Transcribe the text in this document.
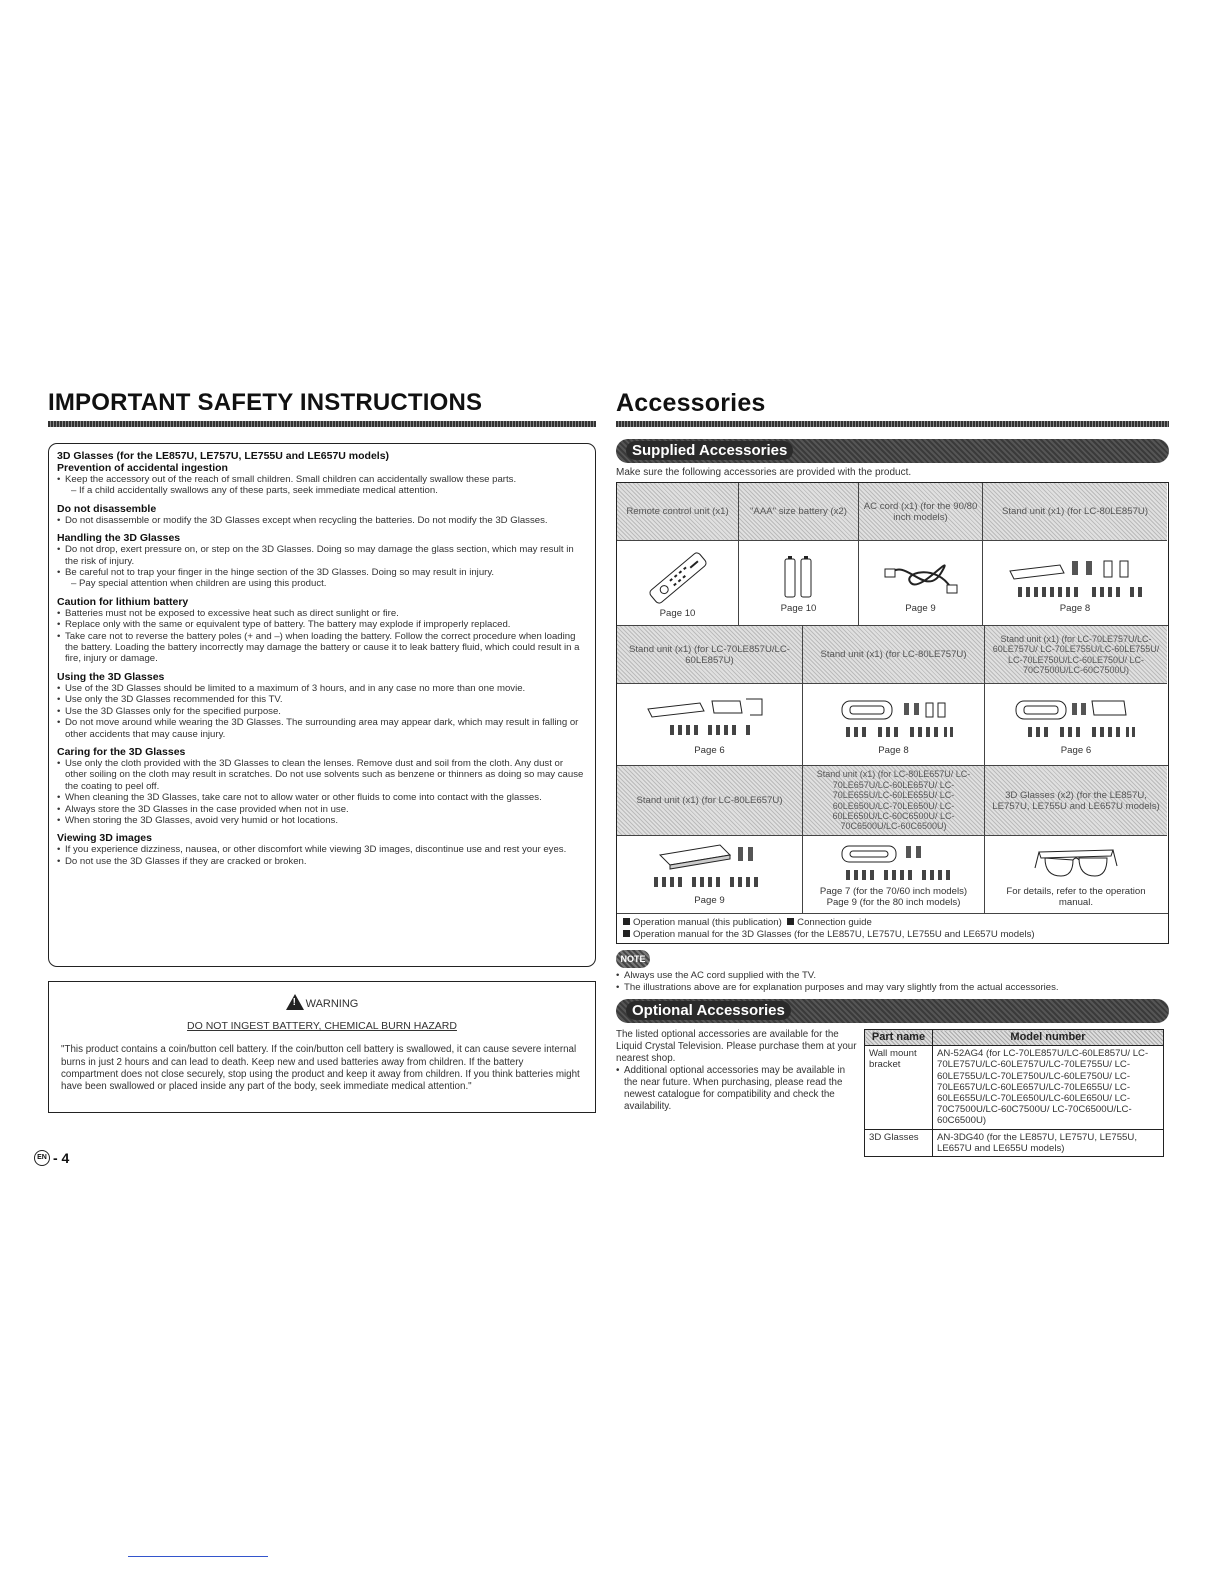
IMPORTANT SAFETY INSTRUCTIONS
3D Glasses (for the LE857U, LE757U, LE755U and LE657U models)
Prevention of accidental ingestion
• Keep the accessory out of the reach of small children. Small children can accidentally swallow these parts.
– If a child accidentally swallows any of these parts, seek immediate medical attention.
Do not disassemble
• Do not disassemble or modify the 3D Glasses except when recycling the batteries. Do not modify the 3D Glasses.
Handling the 3D Glasses
• Do not drop, exert pressure on, or step on the 3D Glasses. Doing so may damage the glass section, which may result in the risk of injury.
• Be careful not to trap your finger in the hinge section of the 3D Glasses. Doing so may result in injury.
– Pay special attention when children are using this product.
Caution for lithium battery
• Batteries must not be exposed to excessive heat such as direct sunlight or fire.
• Replace only with the same or equivalent type of battery. The battery may explode if improperly replaced.
• Take care not to reverse the battery poles (+ and –) when loading the battery. Follow the correct procedure when loading the battery. Loading the battery incorrectly may damage the battery or cause it to leak battery fluid, which could result in a fire, injury or damage.
Using the 3D Glasses
• Use of the 3D Glasses should be limited to a maximum of 3 hours, and in any case no more than one movie.
• Use only the 3D Glasses recommended for this TV.
• Use the 3D Glasses only for the specified purpose.
• Do not move around while wearing the 3D Glasses. The surrounding area may appear dark, which may result in falling or other accidents that may cause injury.
Caring for the 3D Glasses
• Use only the cloth provided with the 3D Glasses to clean the lenses. Remove dust and soil from the cloth. Any dust or other soiling on the cloth may result in scratches. Do not use solvents such as benzene or thinners as doing so may cause the coating to peel off.
• When cleaning the 3D Glasses, take care not to allow water or other fluids to come into contact with the glasses.
• Always store the 3D Glasses in the case provided when not in use.
• When storing the 3D Glasses, avoid very humid or hot locations.
Viewing 3D images
• If you experience dizziness, nausea, or other discomfort while viewing 3D images, discontinue use and rest your eyes.
• Do not use the 3D Glasses if they are cracked or broken.
!WARNING
DO NOT INGEST BATTERY, CHEMICAL BURN HAZARD
"This product contains a coin/button cell battery. If the coin/button cell battery is swallowed, it can cause severe internal burns in just 2 hours and can lead to death. Keep new and used batteries away from children. If the battery compartment does not close securely, stop using the product and keep it away from children. If you think batteries might have been swallowed or placed inside any part of the body, seek immediate medical attention."
Accessories
Supplied Accessories
Make sure the following accessories are provided with the product.
Remote control unit (x1)
Page 10
"AAA" size battery (x2)
Page 10
AC cord (x1) (for the 90/80 inch models)
Page 9
Stand unit (x1) (for LC-80LE857U)
Page 8
Stand unit (x1) (for LC-70LE857U/LC-60LE857U)
Page 6
Stand unit (x1) (for LC-80LE757U)
Page 8
Stand unit (x1) (for LC-70LE757U/LC-60LE757U/ LC-70LE755U/LC-60LE755U/ LC-70LE750U/LC-60LE750U/ LC-70C7500U/LC-60C7500U)
Page 6
Stand unit (x1) (for LC-80LE657U)
Page 9
Stand unit (x1) (for LC-80LE657U/ LC-70LE657U/LC-60LE657U/ LC-70LE655U/LC-60LE655U/ LC-60LE650U/LC-70LE650U/ LC-60LE650U/LC-60C6500U/ LC-70C6500U/LC-60C6500U)
Page 7 (for the 70/60 inch models)
Page 9 (for the 80 inch models)
3D Glasses (x2) (for the LE857U, LE757U, LE755U and LE657U models)
For details, refer to the operation manual.
Operation manual (this publication) Connection guide
Operation manual for the 3D Glasses (for the LE857U, LE757U, LE755U and LE657U models)
NOTE
• Always use the AC cord supplied with the TV.
• The illustrations above are for explanation purposes and may vary slightly from the actual accessories.
Optional Accessories
The listed optional accessories are available for the Liquid Crystal Television. Please purchase them at your nearest shop.
• Additional optional accessories may be available in the near future. When purchasing, please read the newest catalogue for compatibility and check the availability.
Part name	Model number
Wall mount bracket	AN-52AG4 (for LC-70LE857U/LC-60LE857U/ LC-70LE757U/LC-60LE757U/LC-70LE755U/ LC-60LE755U/LC-70LE750U/LC-60LE750U/ LC-70LE657U/LC-60LE657U/LC-70LE655U/ LC-60LE655U/LC-70LE650U/LC-60LE650U/ LC-70C7500U/LC-60C7500U/ LC-70C6500U/LC-60C6500U)
3D Glasses	AN-3DG40 (for the LE857U, LE757U, LE755U, LE657U and LE655U models)
EN - 4
